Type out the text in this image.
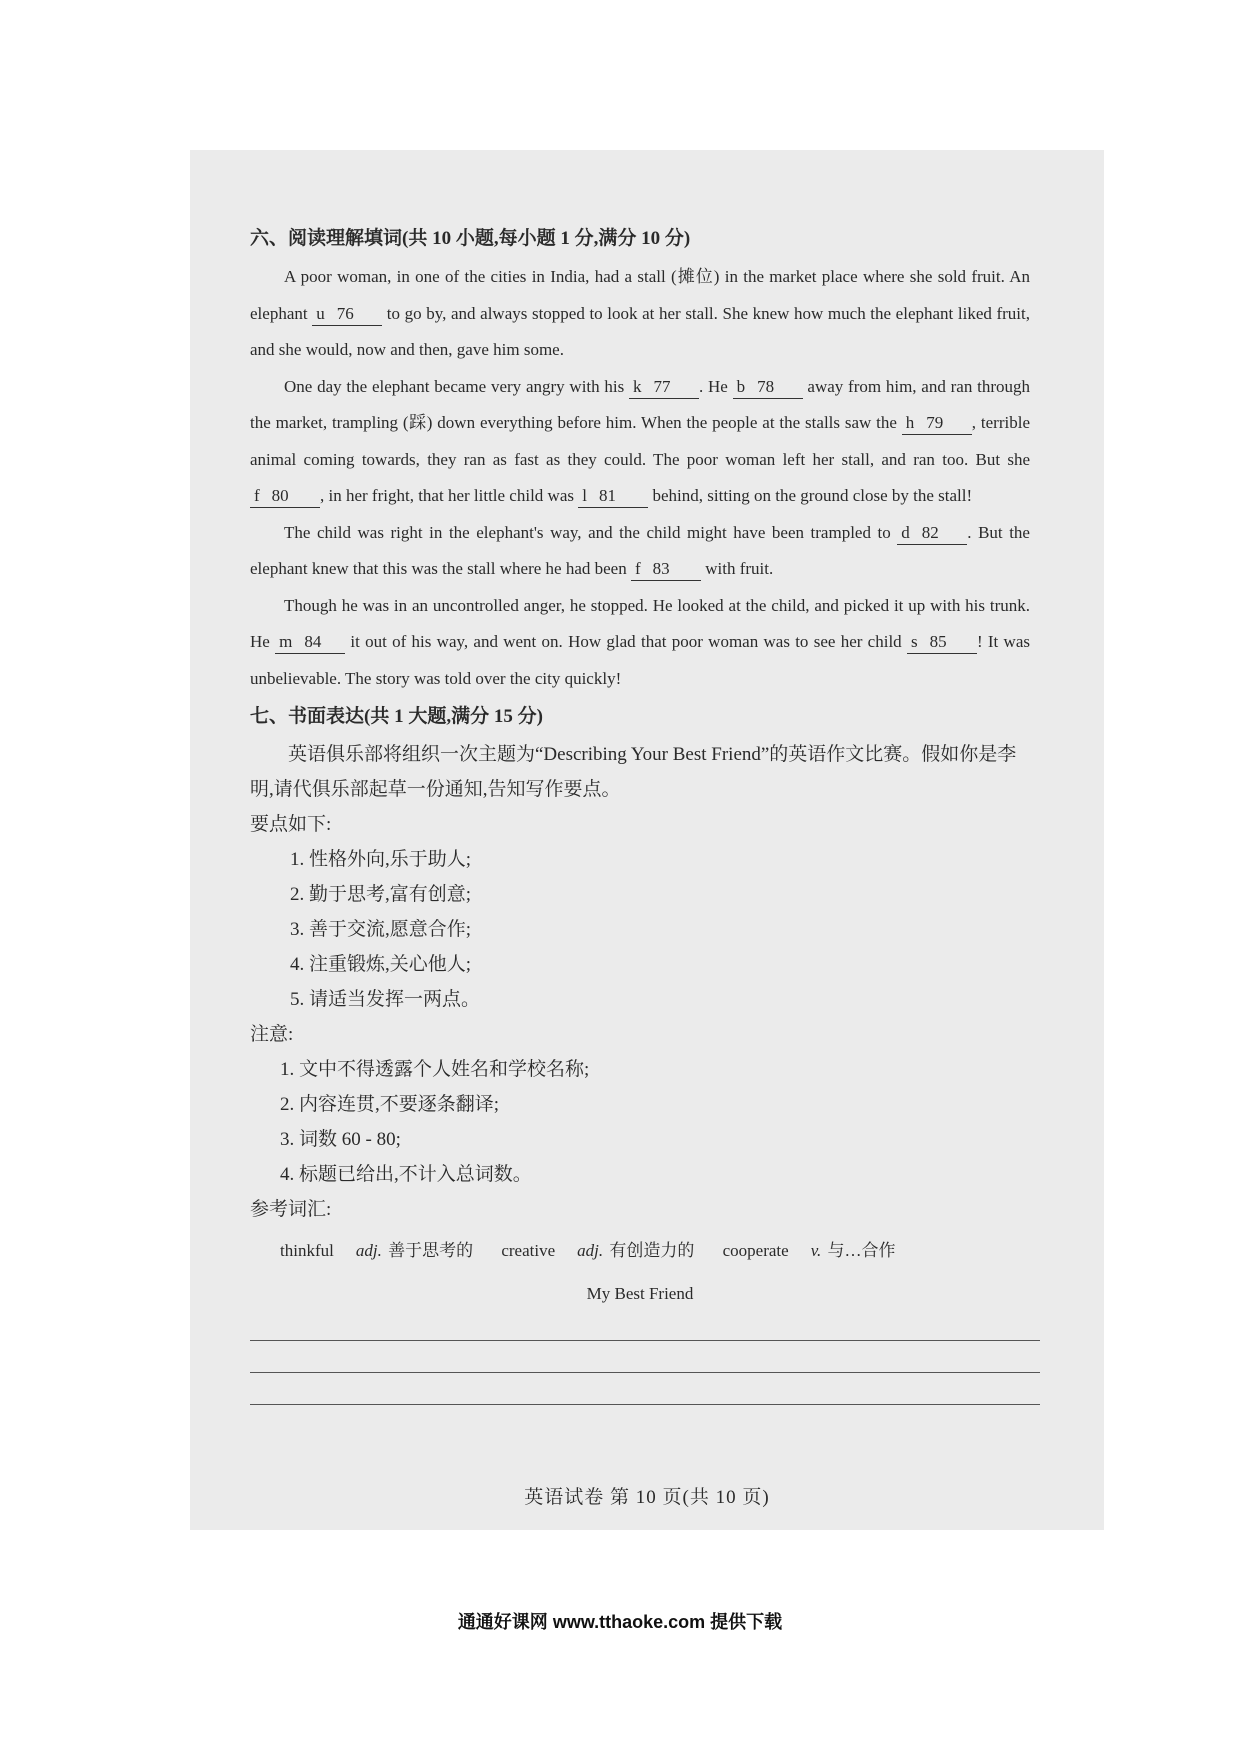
六、阅读理解填词(共 10 小题,每小题 1 分,满分 10 分)

A poor woman, in one of the cities in India, had a stall (摊位) in the market place where she sold fruit. An elephant u 76 to go by, and always stopped to look at her stall. She knew how much the elephant liked fruit, and she would, now and then, gave him some.

One day the elephant became very angry with his k 77 . He b 78 away from him, and ran through the market, trampling (踩) down everything before him. When the people at the stalls saw the h 79 , terrible animal coming towards, they ran as fast as they could. The poor woman left her stall, and ran too. But she f 80 , in her fright, that her little child was l 81 behind, sitting on the ground close by the stall!

The child was right in the elephant's way, and the child might have been trampled to d 82 . But the elephant knew that this was the stall where he had been f 83 with fruit.

Though he was in an uncontrolled anger, he stopped. He looked at the child, and picked it up with his trunk. He m 84 it out of his way, and went on. How glad that poor woman was to see her child s 85 ! It was unbelievable. The story was told over the city quickly!

七、书面表达(共 1 大题,满分 15 分)

英语俱乐部将组织一次主题为“Describing Your Best Friend”的英语作文比赛。假如你是李明,请代俱乐部起草一份通知,告知写作要点。

要点如下:

1. 性格外向,乐于助人;

2. 勤于思考,富有创意;

3. 善于交流,愿意合作;

4. 注重锻炼,关心他人;

5. 请适当发挥一两点。

注意:

1. 文中不得透露个人姓名和学校名称;

2. 内容连贯,不要逐条翻译;

3. 词数 60 - 80;

4. 标题已给出,不计入总词数。

参考词汇:

thinkful adj. 善于思考的 creative adj. 有创造力的 cooperate v. 与…合作

My Best Friend

英语试卷 第 10 页(共 10 页)
通通好课网 www.tthaoke.com 提供下载
